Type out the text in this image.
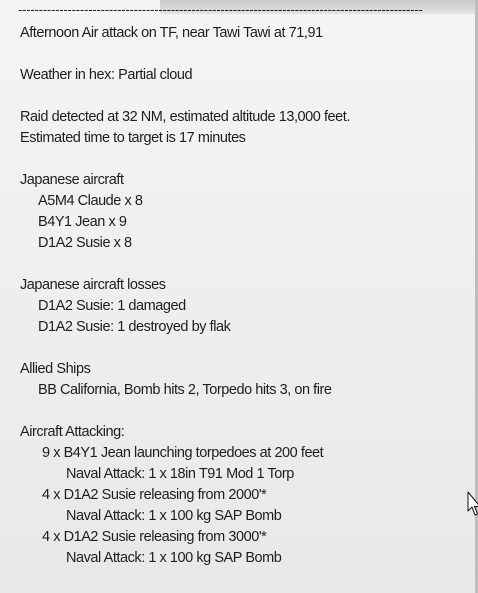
--------------------------------------------------------------------------------------------------
Afternoon Air attack on TF, near Tawi Tawi at 71,91
Weather in hex: Partial cloud
Raid detected at 32 NM, estimated altitude 13,000 feet.
Estimated time to target is 17 minutes
Japanese aircraft
A5M4 Claude x 8
B4Y1 Jean x 9
D1A2 Susie x 8
Japanese aircraft losses
D1A2 Susie: 1 damaged
D1A2 Susie: 1 destroyed by flak
Allied Ships
BB California, Bomb hits 2, Torpedo hits 3, on fire
Aircraft Attacking:
9 x B4Y1 Jean launching torpedoes at 200 feet
Naval Attack: 1 x 18in T91 Mod 1 Torp
4 x D1A2 Susie releasing from 2000'*
Naval Attack: 1 x 100 kg SAP Bomb
4 x D1A2 Susie releasing from 3000'*
Naval Attack: 1 x 100 kg SAP Bomb
